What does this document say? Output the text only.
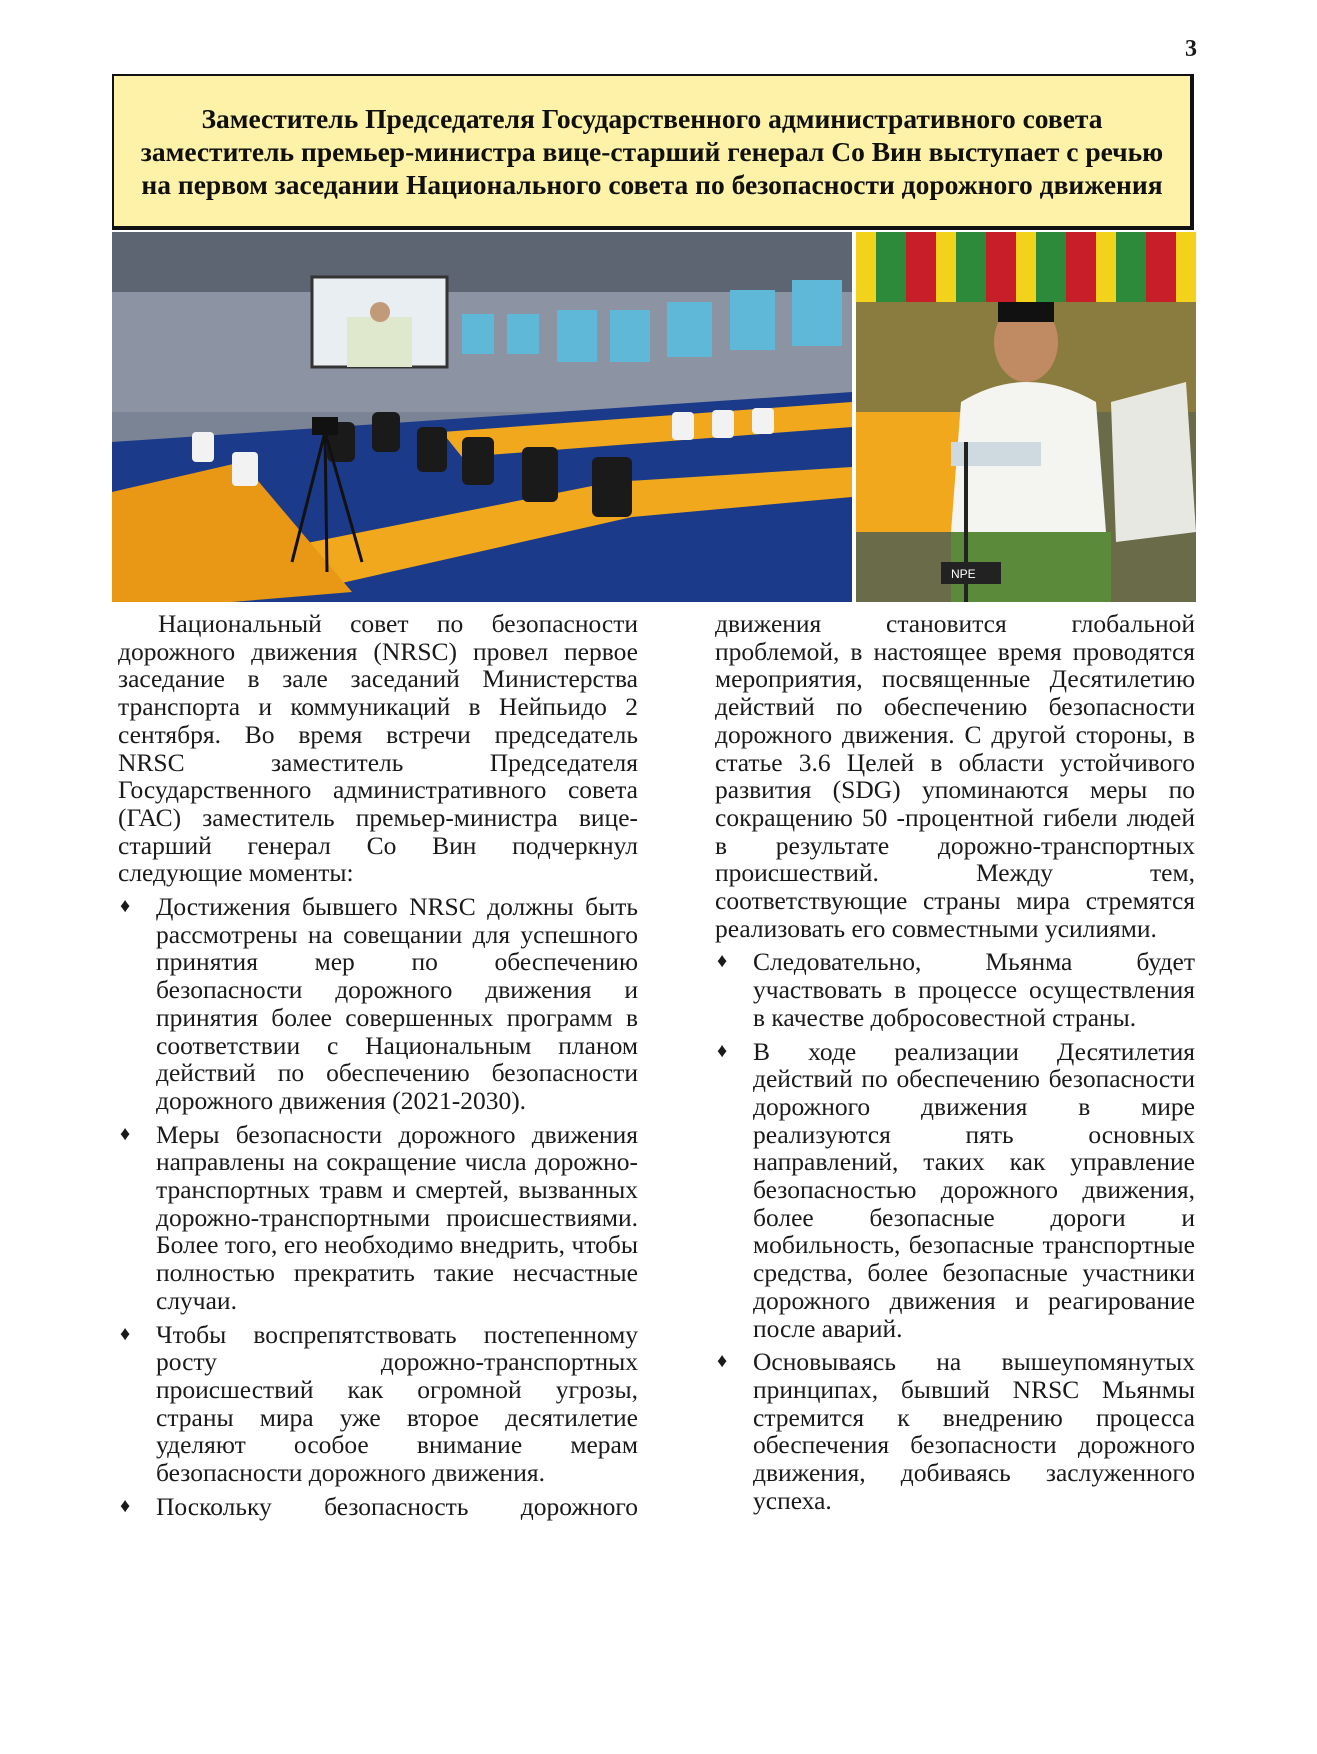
3
Заместитель Председателя Государственного административного совета заместитель премьер-министра вице-старший генерал Со Вин выступает с речью на первом заседании Национального совета по безопасности дорожного движения
NPE

Национальный совет по безопасности дорожного движения (NRSC) провел первое заседание в зале заседаний Министерства транспорта и коммуникаций в Нейпьидо 2 сентября. Во время встречи председатель NRSC заместитель Председателя Государственного административного совета (ГАС) заместитель премьер-министра вице-старший генерал Со Вин подчеркнул следующие моменты:

♦ Достижения бывшего NRSC должны быть рассмотрены на совещании для успешного принятия мер по обеспечению безопасности дорожного движения и принятия более совершенных программ в соответствии с Национальным планом действий по обеспечению безопасности дорожного движения (2021-2030).
♦ Меры безопасности дорожного движения направлены на сокращение числа дорожно-транспортных травм и смертей, вызванных дорожно-транспортными происшествиями. Более того, его необходимо внедрить, чтобы полностью прекратить такие несчастные случаи.
♦ Чтобы воспрепятствовать постепенному росту дорожно-транспортных происшествий как огромной угрозы, страны мира уже второе десятилетие уделяют особое внимание мерам безопасности дорожного движения.
♦ Поскольку безопасность дорожного

движения становится глобальной проблемой, в настоящее время проводятся мероприятия, посвященные Десятилетию действий по обеспечению безопасности дорожного движения. С другой стороны, в статье 3.6 Целей в области устойчивого развития (SDG) упоминаются меры по сокращению 50 -процентной гибели людей в результате дорожно-транспортных происшествий. Между тем, соответствующие страны мира стремятся реализовать его совместными усилиями.

♦ Следовательно, Мьянма будет участвовать в процессе осуществления в качестве добросовестной страны.
♦ В ходе реализации Десятилетия действий по обеспечению безопасности дорожного движения в мире реализуются пять основных направлений, таких как управление безопасностью дорожного движения, более безопасные дороги и мобильность, безопасные транспортные средства, более безопасные участники дорожного движения и реагирование после аварий.
♦ Основываясь на вышеупомянутых принципах, бывший NRSC Мьянмы стремится к внедрению процесса обеспечения безопасности дорожного движения, добиваясь заслуженного успеха.
